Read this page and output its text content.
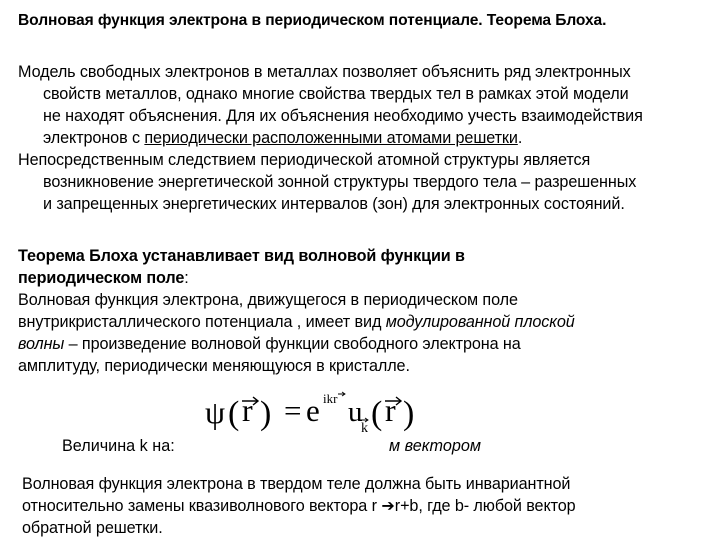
Волновая функция электрона в периодическом потенциале. Теорема Блоха.
Модель свободных электронов в металлах позволяет объяснить ряд электронных
свойств металлов, однако многие свойства твердых тел в рамках этой модели
не находят объяснения. Для их объяснения необходимо учесть взаимодействия
электронов с периодически расположенными атомами решетки.
Непосредственным следствием периодической атомной структуры является
возникновение энергетической зонной структуры твердого тела – разрешенных
и запрещенных энергетических интервалов (зон) для электронных состояний.
Теорема Блоха устанавливает вид волновой функции в
периодическом поле:
Волновая функция электрона, движущегося в периодическом поле
внутрикристаллического потенциала , имеет вид модулированной плоской
волны – произведение волновой функции свободного электрона на
амплитуду, периодически меняющуюся в кристалле.
ψ ( r ) = e ikr u
k ( r )
Величина k на:	м вектором
Волновая функция электрона в твердом теле должна быть инвариантной
относительно замены квазиволнового вектора r ➔r+b, где b- любой вектор
обратной решетки.
